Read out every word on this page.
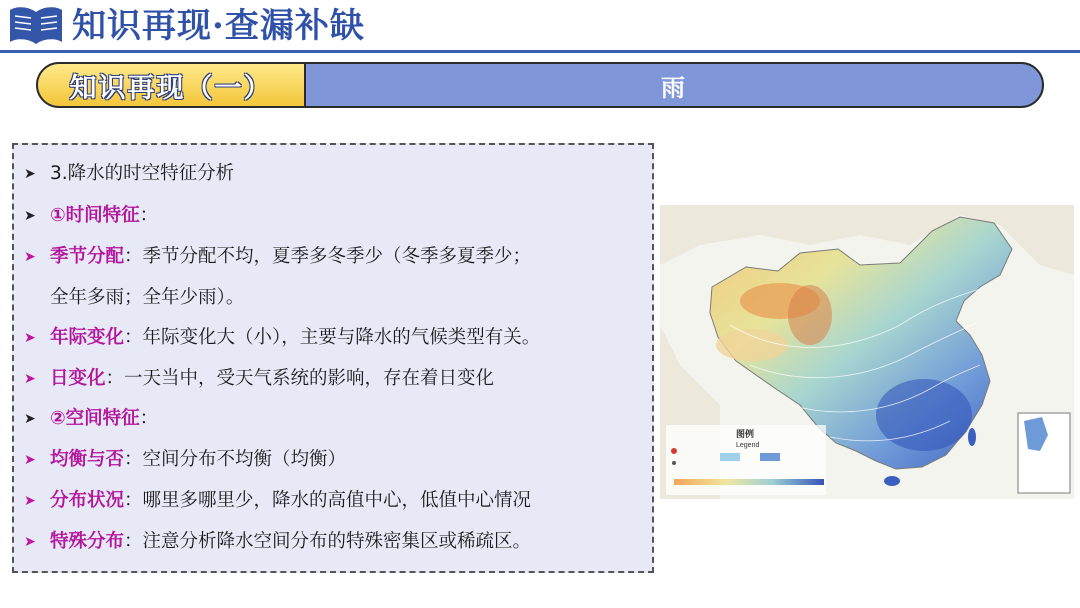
知识再现·查漏补缺
知识再现（一）	雨
➤ 3.降水的时空特征分析
➤ ①时间特征 ：
➤ 季节分配 ：季节分配不均，夏季多冬季少（冬季多夏季少；
全年多雨；全年少雨）。
➤ 年际变化 ：年际变化大（小），主要与降水的气候类型有关。
➤ 日变化 ：一天当中，受天气系统的影响，存在着日变化
➤ ②空间特征 ：
➤ 均衡与否 ：空间分布不均衡（均衡）
➤ 分布状况 ：哪里多哪里少，降水的高值中心，低值中心情况
➤ 特殊分布 ：注意分析降水空间分布的特殊密集区或稀疏区。
图例
Legend
